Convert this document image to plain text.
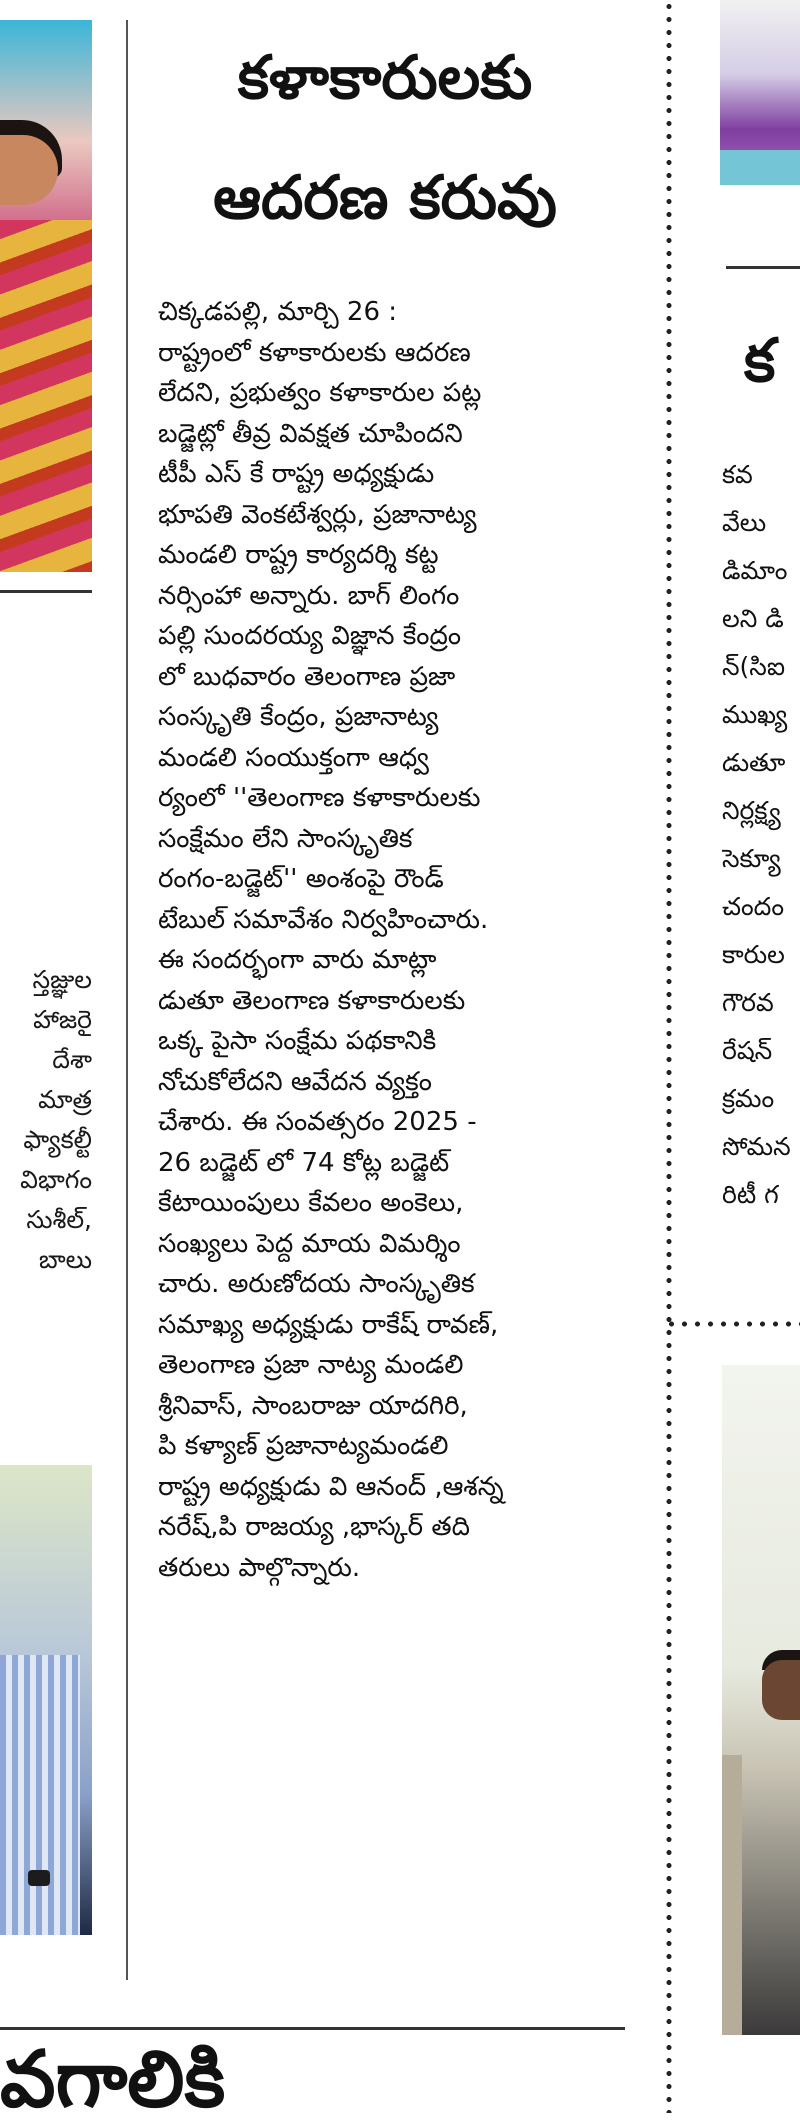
స్తజ్ఞుల
హాజరై
దేశా
మాత్ర
ఫ్యాకల్టీ
విభాగం
సుశీల్,
బాలు
వగాలికి
కళాకారులకు
ఆదరణ కరువు
చిక్కడపల్లి, మార్చి 26 :
రాష్ట్రంలో కళాకారులకు ఆదరణ
లేదని, ప్రభుత్వం కళాకారుల పట్ల
బడ్జెట్లో తీవ్ర వివక్షత చూపిందని
టీపీ ఎస్ కే రాష్ట్ర అధ్యక్షుడు
భూపతి వెంకటేశ్వర్లు, ప్రజానాట్య
మండలి రాష్ట్ర కార్యదర్శి కట్ట
నర్సింహా అన్నారు. బాగ్ లింగం
పల్లి సుందరయ్య విజ్ఞాన కేంద్రం
లో బుధవారం తెలంగాణ ప్రజా
సంస్కృతి కేంద్రం, ప్రజానాట్య
మండలి సంయుక్తంగా ఆధ్వ
ర్యంలో ''తెలంగాణ కళాకారులకు
సంక్షేమం లేని సాంస్కృతిక
రంగం-బడ్జెట్'' అంశంపై రౌండ్
టేబుల్ సమావేశం నిర్వహించారు.
ఈ సందర్భంగా వారు మాట్లా
డుతూ తెలంగాణ కళాకారులకు
ఒక్క పైసా సంక్షేమ పథకానికి
నోచుకోలేదని ఆవేదన వ్యక్తం
చేశారు. ఈ సంవత్సరం 2025 -
26 బడ్జెట్ లో 74 కోట్ల బడ్జెట్
కేటాయింపులు కేవలం అంకెలు,
సంఖ్యలు పెద్ద మాయ విమర్శిం
చారు. అరుణోదయ సాంస్కృతిక
సమాఖ్య అధ్యక్షుడు రాకేష్ రావణ్,
తెలంగాణ ప్రజా నాట్య మండలి
శ్రీనివాస్, సాంబరాజు యాదగిరి,
పి కళ్యాణ్ ప్రజానాట్యమండలి
రాష్ట్ర అధ్యక్షుడు వి ఆనంద్ ,ఆశన్న
నరేష్,పి రాజయ్య ,భాస్కర్ తది
తరులు పాల్గొన్నారు.
క
కవ
వేలు
డిమాం
లని డి
న్(సిఐ
ముఖ్య
డుతూ
నిర్లక్ష్య
సెక్యూ
చందం
కారుల
గౌరవ
రేషన్
క్రమం
సోమన
రిటీ గ
